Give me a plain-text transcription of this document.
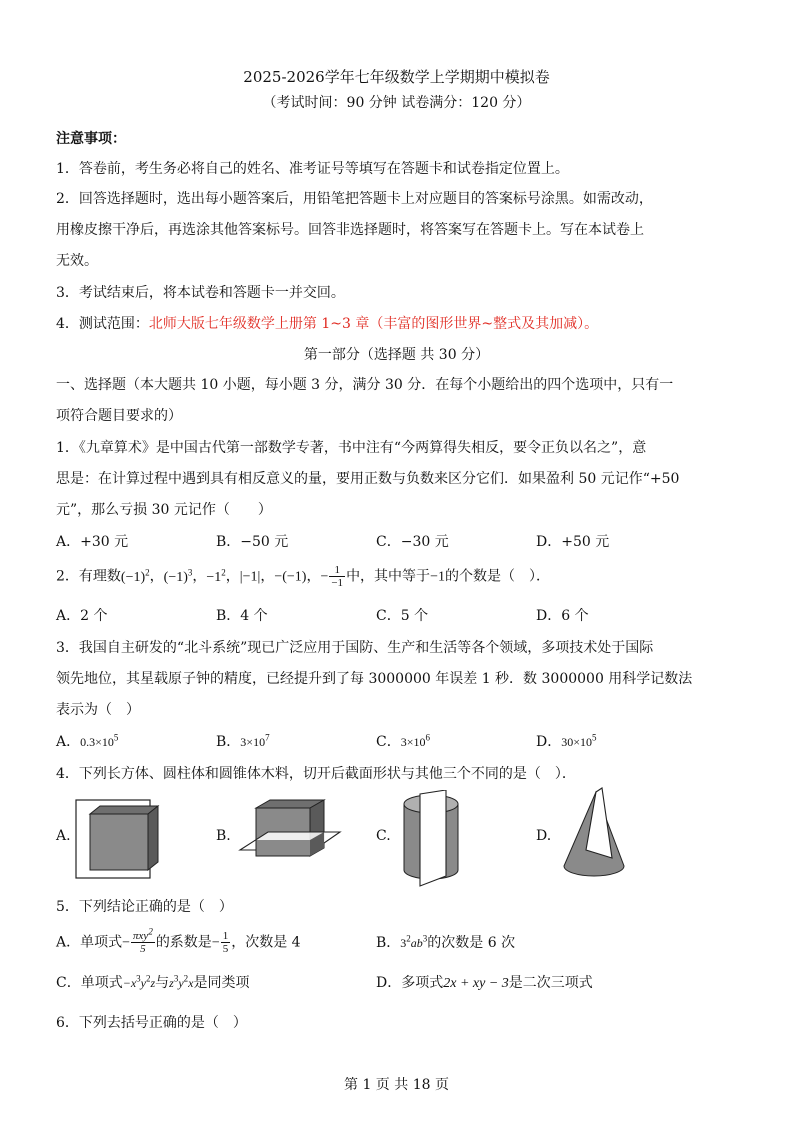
2025-2026学年七年级数学上学期期中模拟卷
（考试时间：90 分钟 试卷满分：120 分）
注意事项：
1．答卷前，考生务必将自己的姓名、准考证号等填写在答题卡和试卷指定位置上。
2．回答选择题时，选出每小题答案后，用铅笔把答题卡上对应题目的答案标号涂黑。如需改动，
用橡皮擦干净后，再选涂其他答案标号。回答非选择题时，将答案写在答题卡上。写在本试卷上
无效。
3．考试结束后，将本试卷和答题卡一并交回。
4．测试范围：北师大版七年级数学上册第 1~3 章（丰富的图形世界~整式及其加减）。
第一部分（选择题 共 30 分）
一、选择题（本大题共 10 小题，每小题 3 分，满分 30 分．在每个小题给出的四个选项中，只有一
项符合题目要求的）
1．《九章算术》是中国古代第一部数学专著，书中注有“今两算得失相反，要令正负以名之”，意
思是：在计算过程中遇到具有相反意义的量，要用正数与负数来区分它们．如果盈利 50 元记作“+50
元”，那么亏损 30 元记作（　　）
A．+30 元	B．−50 元	C．−30 元	D．+50 元
2．有理数$(-1)^2$，$(-1)^3$，$-1^2$，|−1|，−(−1)，− $\frac{1}{-1}$ 中，其中等于−1的个数是（　）．
A．2 个	B．4 个	C．5 个	D．6 个
3．我国自主研发的“北斗系统”现已广泛应用于国防、生产和生活等各个领域，多项技术处于国际
领先地位，其星载原子钟的精度，已经提升到了每 3000000 年误差 1 秒．数 3000000 用科学记数法
表示为（　）
A．$0.3\times 10^5$	B．$3\times 10^7$	C．$3\times 10^6$	D．$30\times 10^5$
4．下列长方体、圆柱体和圆锥体木料，切开后截面形状与其他三个不同的是（　）．
A.	B.	C.	D.
5．下列结论正确的是（　）
A．单项式− $\frac{\pi xy^2}{5}$ 的系数是− $\frac{1}{5}$ ，次数是 4	B．$3^2ab^3$的次数是 6 次
C．单项式$-x^3y^2z$与$z^3y^2x$是同类项	D．多项式2x + xy − 3是二次三项式
6．下列去括号正确的是（　）
第 1 页 共 18 页
